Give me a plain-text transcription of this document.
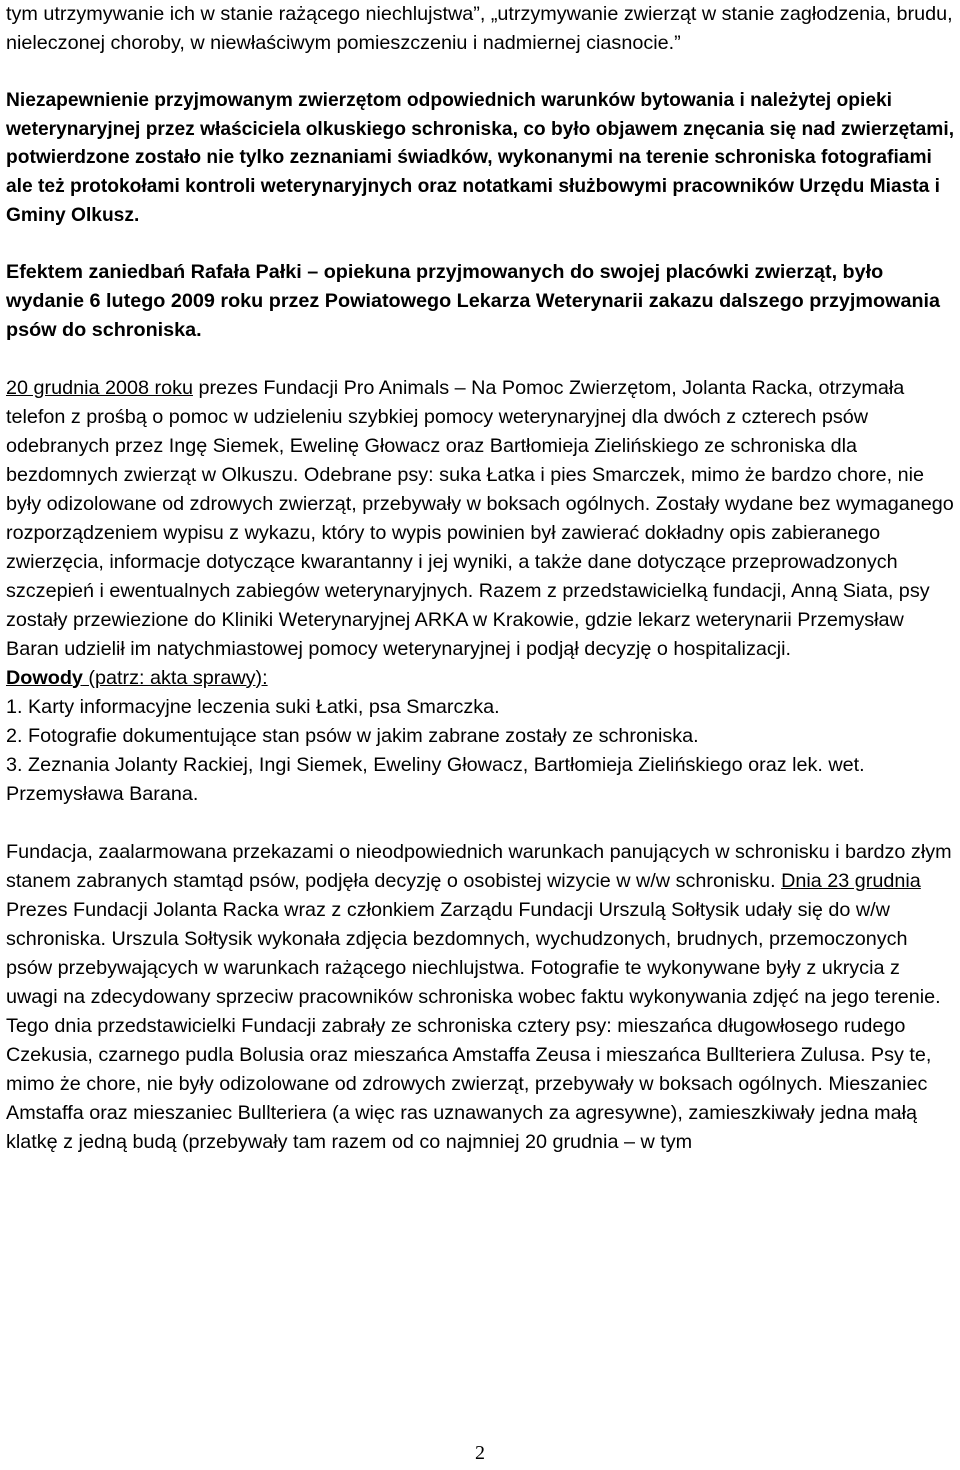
tym utrzymywanie ich w stanie rażącego niechlujstwa”, „utrzymywanie zwierząt w stanie zagłodzenia, brudu, nieleczonej choroby, w niewłaściwym pomieszczeniu i nadmiernej ciasnocie.”

Niezapewnienie przyjmowanym zwierzętom odpowiednich warunków bytowania i należytej opieki weterynaryjnej przez właściciela olkuskiego schroniska, co było objawem znęcania się nad zwierzętami, potwierdzone zostało nie tylko zeznaniami świadków, wykonanymi na terenie schroniska fotografiami ale też protokołami kontroli weterynaryjnych oraz notatkami służbowymi pracowników Urzędu Miasta i Gminy Olkusz.

Efektem zaniedbań Rafała Pałki – opiekuna przyjmowanych do swojej placówki zwierząt, było wydanie 6 lutego 2009 roku przez Powiatowego Lekarza Weterynarii zakazu dalszego przyjmowania psów do schroniska.

20 grudnia 2008 roku prezes Fundacji Pro Animals – Na Pomoc Zwierzętom, Jolanta Racka, otrzymała telefon z prośbą o pomoc w udzieleniu szybkiej pomocy weterynaryjnej dla dwóch z czterech psów odebranych przez Ingę Siemek, Ewelinę Głowacz oraz Bartłomieja Zielińskiego ze schroniska dla bezdomnych zwierząt w Olkuszu. Odebrane psy: suka Łatka i pies Smarczek, mimo że bardzo chore, nie były odizolowane od zdrowych zwierząt, przebywały w boksach ogólnych. Zostały wydane bez wymaganego rozporządzeniem wypisu z wykazu, który to wypis powinien był zawierać dokładny opis zabieranego zwierzęcia, informacje dotyczące kwarantanny i jej wyniki, a także dane dotyczące przeprowadzonych szczepień i ewentualnych zabiegów weterynaryjnych. Razem z przedstawicielką fundacji, Anną Siata, psy zostały przewiezione do Kliniki Weterynaryjnej ARKA w Krakowie, gdzie lekarz weterynarii Przemysław Baran udzielił im natychmiastowej pomocy weterynaryjnej i podjął decyzję o hospitalizacji.

Dowody (patrz: akta sprawy):

1. Karty informacyjne leczenia suki Łatki, psa Smarczka.

2. Fotografie dokumentujące stan psów w jakim zabrane zostały ze schroniska.

3. Zeznania Jolanty Rackiej, Ingi Siemek, Eweliny Głowacz, Bartłomieja Zielińskiego oraz lek. wet. Przemysława Barana.

Fundacja, zaalarmowana przekazami o nieodpowiednich warunkach panujących w schronisku i bardzo złym stanem zabranych stamtąd psów, podjęła decyzję o osobistej wizycie w w/w schronisku. Dnia 23 grudnia Prezes Fundacji Jolanta Racka wraz z członkiem Zarządu Fundacji Urszulą Sołtysik udały się do w/w schroniska. Urszula Sołtysik wykonała zdjęcia bezdomnych, wychudzonych, brudnych, przemoczonych psów przebywających w warunkach rażącego niechlujstwa. Fotografie te wykonywane były z ukrycia z uwagi na zdecydowany sprzeciw pracowników schroniska wobec faktu wykonywania zdjęć na jego terenie. Tego dnia przedstawicielki Fundacji zabrały ze schroniska cztery psy: mieszańca długowłosego rudego Czekusia, czarnego pudla Bolusia oraz mieszańca Amstaffa Zeusa i mieszańca Bullteriera Zulusa. Psy te, mimo że chore, nie były odizolowane od zdrowych zwierząt, przebywały w boksach ogólnych. Mieszaniec Amstaffa oraz mieszaniec Bullteriera (a więc ras uznawanych za agresywne), zamieszkiwały jedna małą klatkę z jedną budą (przebywały tam razem od co najmniej 20 grudnia – w tym

2
